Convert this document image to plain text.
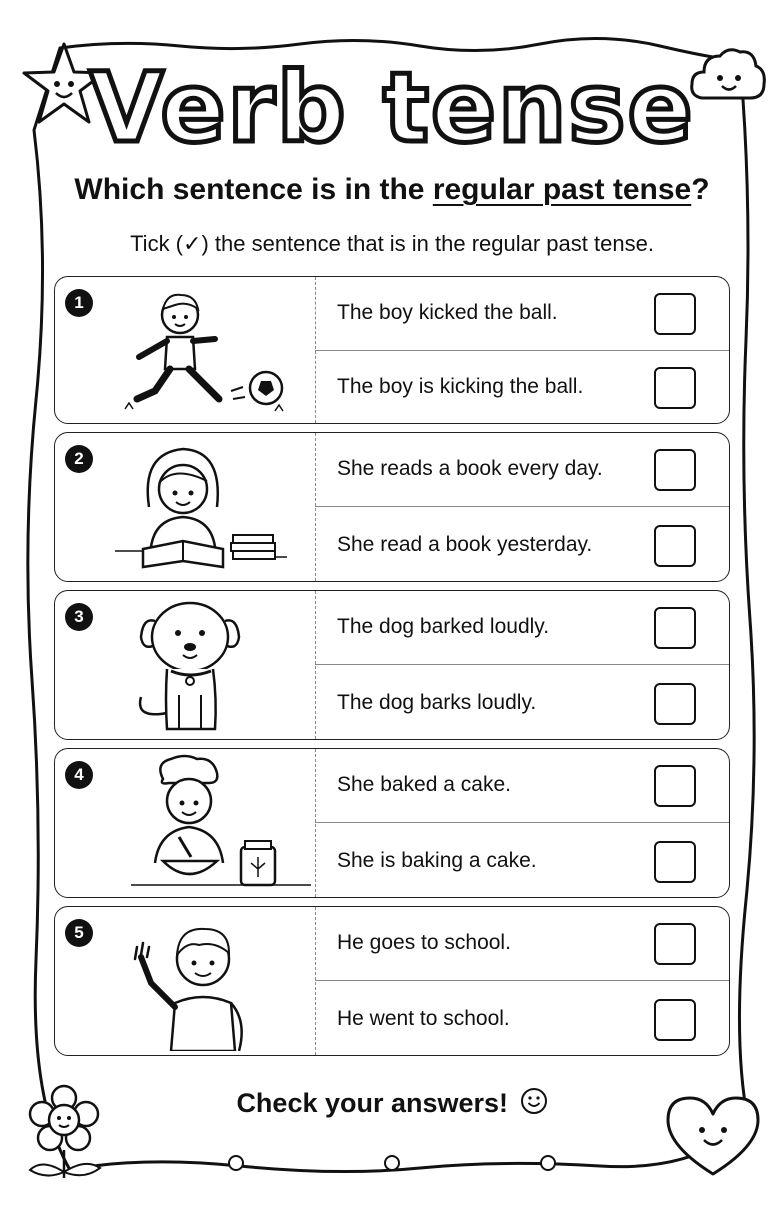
Verb tense
Which sentence is in the regular past tense?
Tick (✓) the sentence that is in the regular past tense.
1	The boy kicked the ball.
The boy is kicking the ball.
2	She reads a book every day.
She read a book yesterday.
3	The dog barked loudly.
The dog barks loudly.
4	She baked a cake.
She is baking a cake.
5	He goes to school.
He went to school.
Check your answers!
